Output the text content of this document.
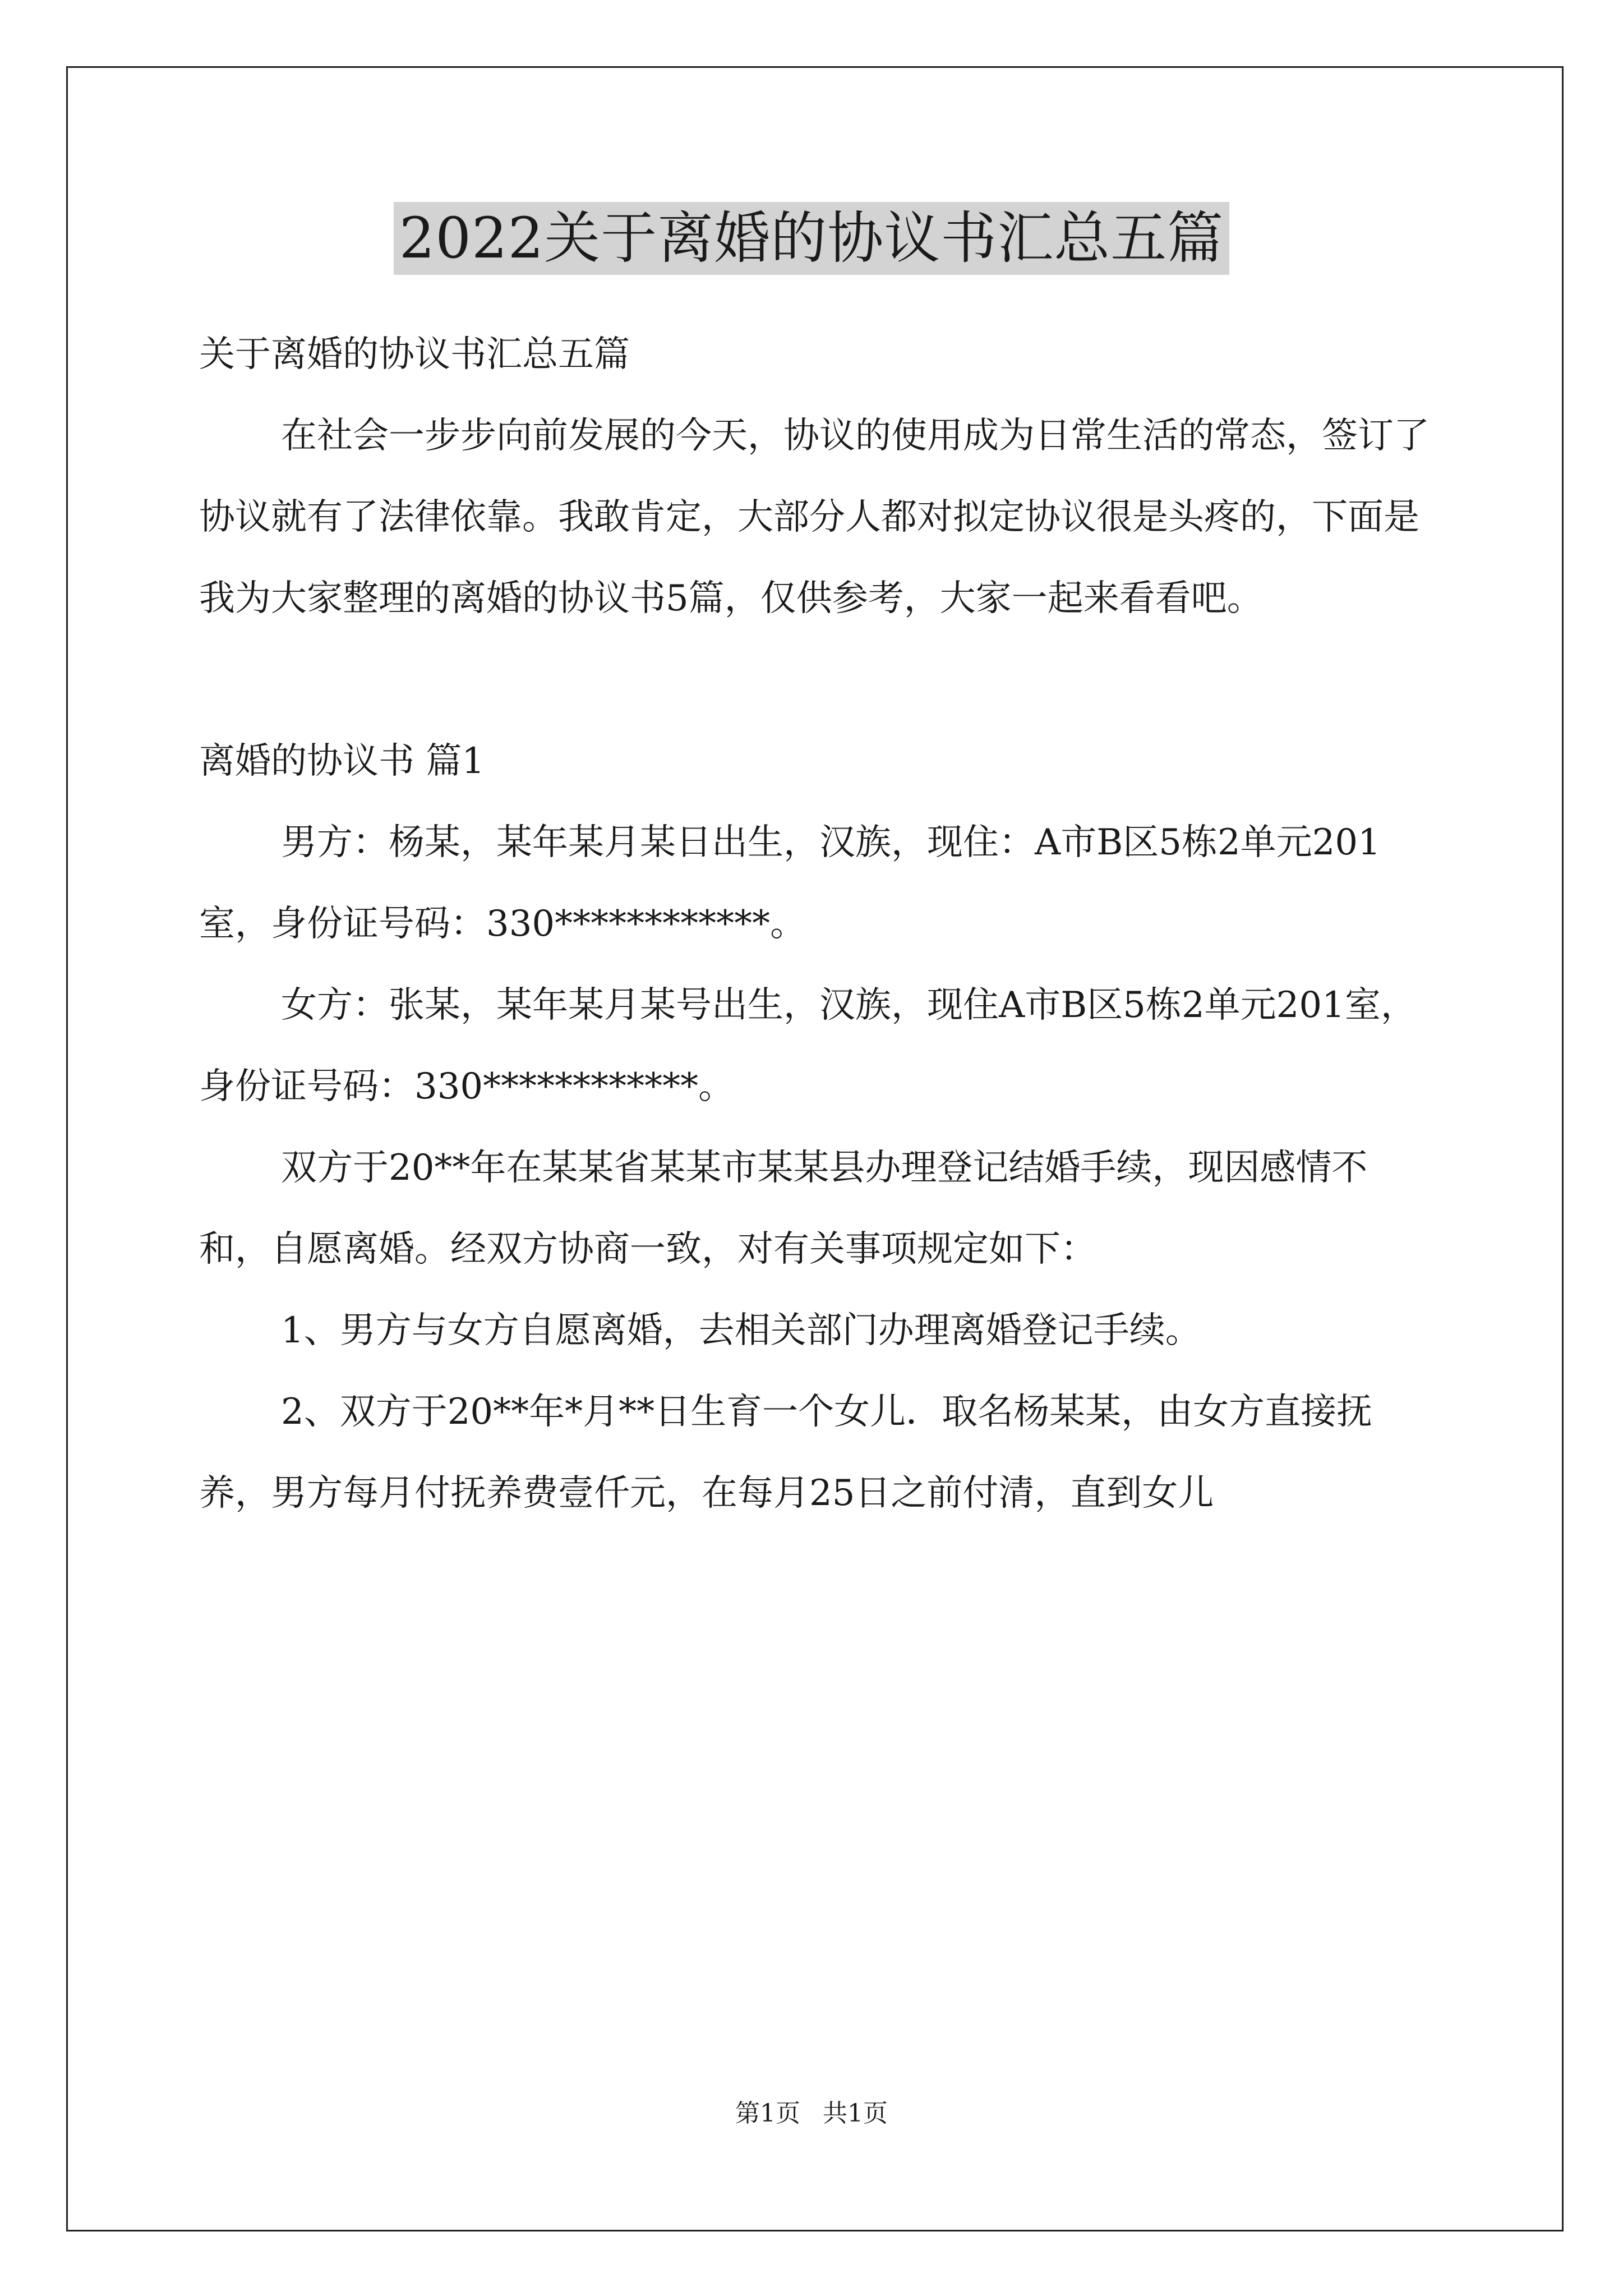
2022关于离婚的协议书汇总五篇

关于离婚的协议书汇总五篇

在社会一步步向前发展的今天，协议的使用成为日常生活的常态，签订了协议就有了法律依靠。我敢肯定，大部分人都对拟定协议很是头疼的，下面是我为大家整理的离婚的协议书5篇，仅供参考，大家一起来看看吧。

离婚的协议书 篇1

男方：杨某，某年某月某日出生，汉族，现住：A市B区5栋2单元201室，身份证号码：330************。

女方：张某，某年某月某号出生，汉族，现住A市B区5栋2单元201室，身份证号码：330************。

双方于20**年在某某省某某市某某县办理登记结婚手续，现因感情不和，自愿离婚。经双方协商一致，对有关事项规定如下：

1、男方与女方自愿离婚，去相关部门办理离婚登记手续。

2、双方于20**年*月**日生育一个女儿．取名杨某某，由女方直接抚养，男方每月付抚养费壹仟元，在每月25日之前付清，直到女儿

第1页 共1页
